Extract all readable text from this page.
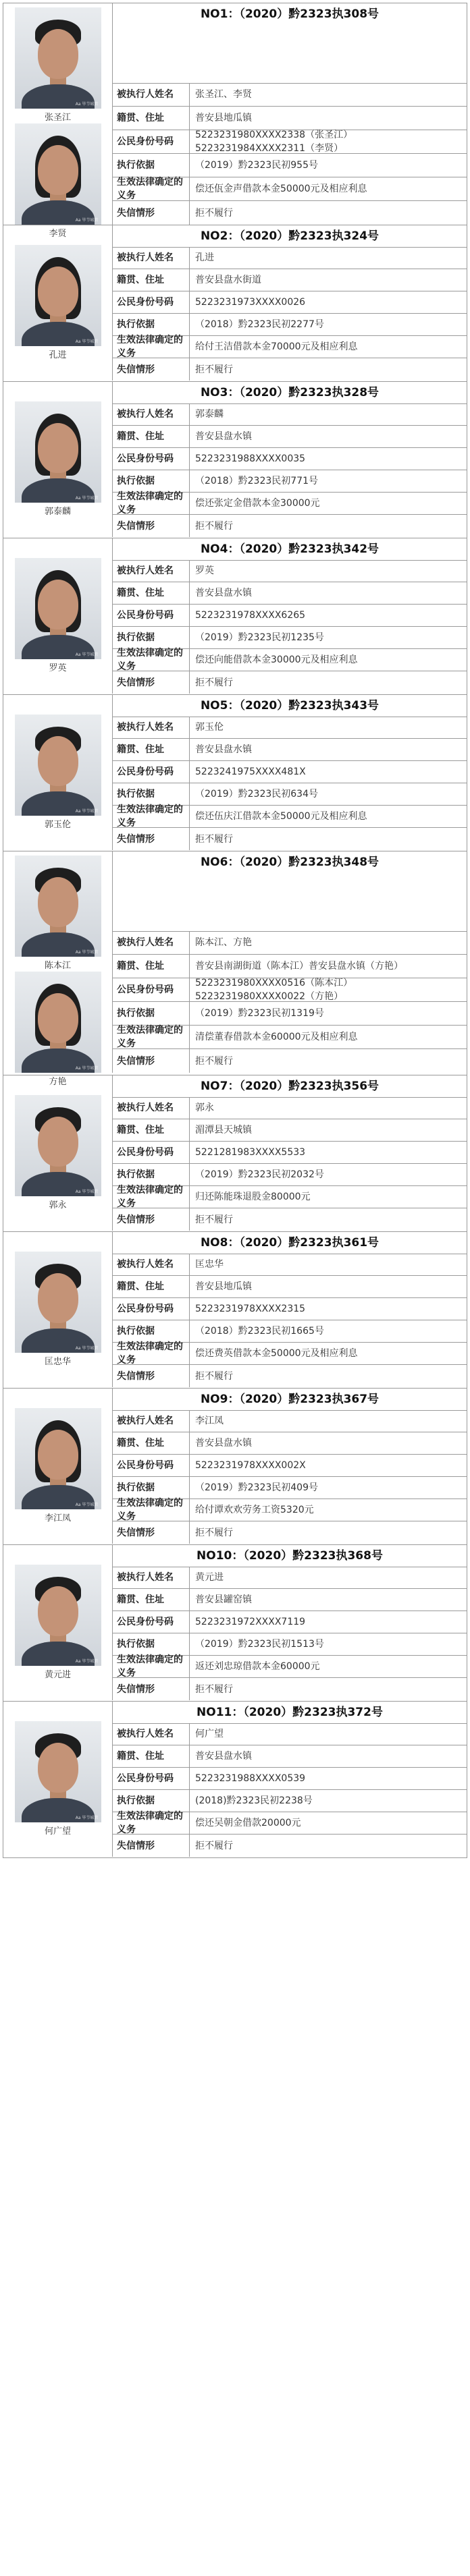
Aa 毕节城管
张圣江
Aa 毕节城管
李贤
NO1：（2020）黔2323执308号
被执行人姓名	张圣江、李贤
籍贯、住址	普安县地瓜镇
公民身份号码
5223231980XXXX2338（张圣江）
5223231984XXXX2311（李贤）
执行依据	（2019）黔2323民初955号
生效法律确定的义务
偿还佤金声借款本金50000元及相应利息
失信情形	拒不履行
Aa 毕节城管
孔进
NO2：（2020）黔2323执324号
被执行人姓名	孔进
籍贯、住址	普安县盘水街道
公民身份号码	5223231973XXXX0026
执行依据	（2018）黔2323民初2277号
生效法律确定的义务
给付王洁借款本金70000元及相应利息
失信情形	拒不履行
Aa 毕节城管
郭泰麟
NO3：（2020）黔2323执328号
被执行人姓名	郭泰麟
籍贯、住址	普安县盘水镇
公民身份号码	5223231988XXXX0035
执行依据	（2018）黔2323民初771号
生效法律确定的义务
偿还张定金借款本金30000元
失信情形	拒不履行
Aa 毕节城管
罗英
NO4：（2020）黔2323执342号
被执行人姓名	罗英
籍贯、住址	普安县盘水镇
公民身份号码	5223231978XXXX6265
执行依据	（2019）黔2323民初1235号
生效法律确定的义务
偿还向能借款本金30000元及相应利息
失信情形	拒不履行
Aa 毕节城管
郭玉伦
NO5：（2020）黔2323执343号
被执行人姓名	郭玉伦
籍贯、住址	普安县盘水镇
公民身份号码	5223241975XXXX481X
执行依据	（2019）黔2323民初634号
生效法律确定的义务
偿还伍庆江借款本金50000元及相应利息
失信情形	拒不履行
Aa 毕节城管
陈本江
Aa 毕节城管
方艳
NO6：（2020）黔2323执348号
被执行人姓名	陈本江、方艳
籍贯、住址	普安县南湖街道（陈本江）普安县盘水镇（方艳）
公民身份号码
5223231980XXXX0516（陈本江）
5223231980XXXX0022（方艳）
执行依据	（2019）黔2323民初1319号
生效法律确定的义务
清偿董春借款本金60000元及相应利息
失信情形	拒不履行
Aa 毕节城管
郭永
NO7：（2020）黔2323执356号
被执行人姓名	郭永
籍贯、住址	湄潭县天城镇
公民身份号码	5221281983XXXX5533
执行依据	（2019）黔2323民初2032号
生效法律确定的义务
归还陈能珠退股金80000元
失信情形	拒不履行
Aa 毕节城管
匡忠华
NO8：（2020）黔2323执361号
被执行人姓名	匡忠华
籍贯、住址	普安县地瓜镇
公民身份号码	5223231978XXXX2315
执行依据	（2018）黔2323民初1665号
生效法律确定的义务
偿还费英借款本金50000元及相应利息
失信情形	拒不履行
Aa 毕节城管
李江凤
NO9：（2020）黔2323执367号
被执行人姓名	李江凤
籍贯、住址	普安县盘水镇
公民身份号码	5223231978XXXX002X
执行依据	（2019）黔2323民初409号
生效法律确定的义务
给付谭欢欢劳务工资5320元
失信情形	拒不履行
Aa 毕节城管
黄元进
NO10：（2020）黔2323执368号
被执行人姓名	黄元进
籍贯、住址	普安县罐窑镇
公民身份号码	5223231972XXXX7119
执行依据	（2019）黔2323民初1513号
生效法律确定的义务
返还刘忠琼借款本金60000元
失信情形	拒不履行
Aa 毕节城管
何广望
NO11：（2020）黔2323执372号
被执行人姓名	何广望
籍贯、住址	普安县盘水镇
公民身份号码	5223231988XXXX0539
执行依据	(2018)黔2323民初2238号
生效法律确定的义务
偿还吴朝金借款20000元
失信情形	拒不履行
